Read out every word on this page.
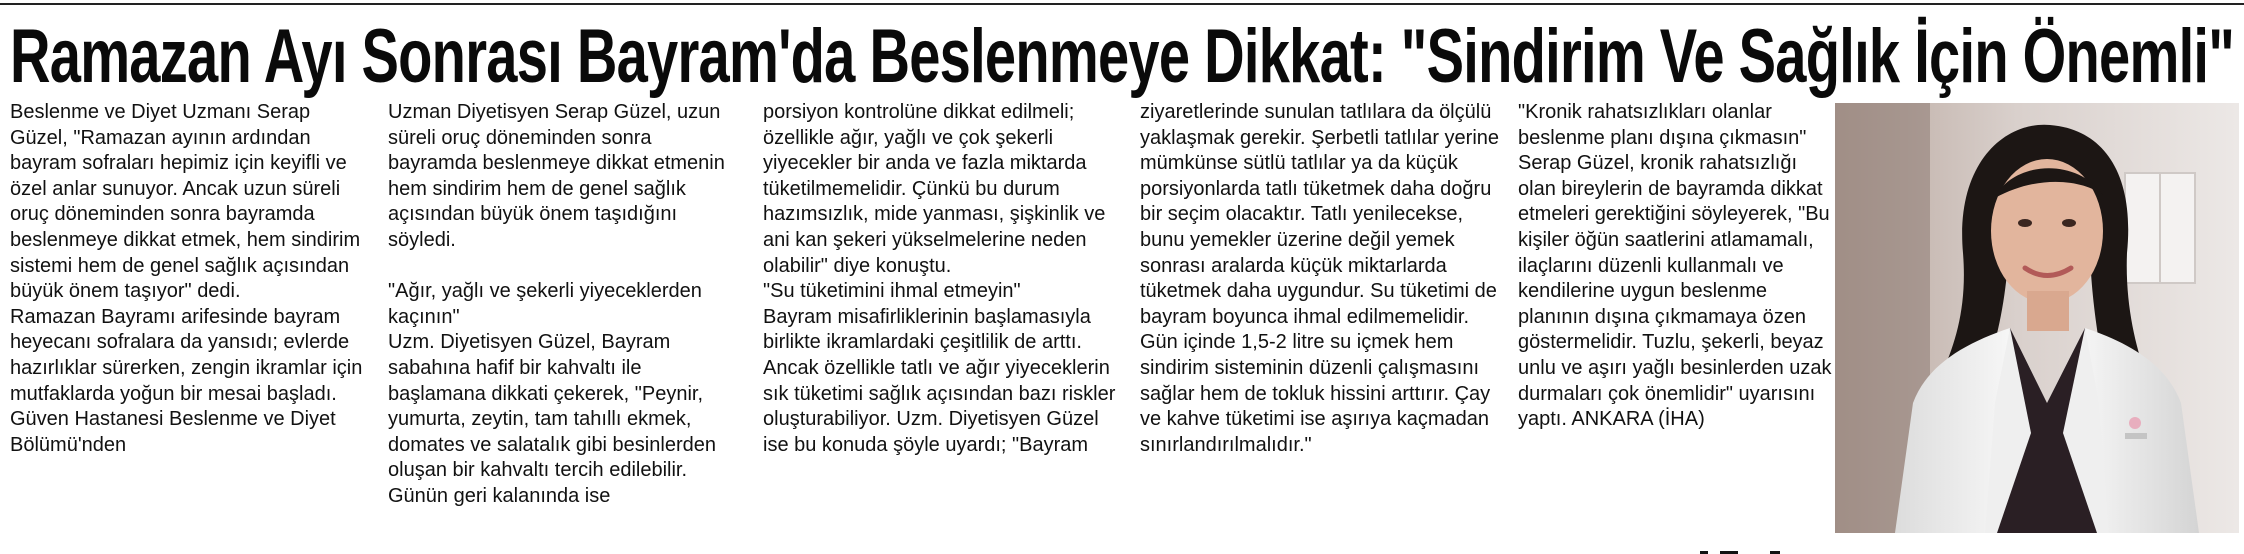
Ramazan Ayı Sonrası Bayram'da Beslenmeye Dikkat: "Sindirim Ve Sağlık İçin Önemli"

Beslenme ve Diyet Uzmanı Serap Güzel, "Ramazan ayının ardından bayram sofraları hepimiz için keyifli ve özel anlar sunuyor. Ancak uzun süreli oruç döneminden sonra bayramda beslenmeye dikkat etmek, hem sindirim sistemi hem de genel sağlık açısından büyük önem taşıyor" dedi.

Ramazan Bayramı arifesinde bayram heyecanı sofralara da yansıdı; evlerde hazırlıklar sürerken, zengin ikramlar için mutfaklarda yoğun bir mesai başladı. Güven Hastanesi Beslenme ve Diyet Bölümü'nden

Uzman Diyetisyen Serap Güzel, uzun süreli oruç döneminden sonra bayramda beslenmeye dikkat etmenin hem sindirim hem de genel sağlık açısından büyük önem taşıdığını söyledi.

"Ağır, yağlı ve şekerli yiyeceklerden kaçının"

Uzm. Diyetisyen Güzel, Bayram sabahına hafif bir kahvaltı ile başlamana dikkati çekerek, "Peynir, yumurta, zeytin, tam tahıllı ekmek, domates ve salatalık gibi besinlerden oluşan bir kahvaltı tercih edilebilir. Günün geri kalanında ise

porsiyon kontrolüne dikkat edilmeli; özellikle ağır, yağlı ve çok şekerli yiyecekler bir anda ve fazla miktarda tüketilmemelidir. Çünkü bu durum hazımsızlık, mide yanması, şişkinlik ve ani kan şekeri yükselmelerine neden olabilir" diye konuştu.

"Su tüketimini ihmal etmeyin"

Bayram misafirliklerinin başlamasıyla birlikte ikramlardaki çeşitlilik de arttı. Ancak özellikle tatlı ve ağır yiyeceklerin sık tüketimi sağlık açısından bazı riskler oluşturabiliyor. Uzm. Diyetisyen Güzel ise bu konuda şöyle uyardı; "Bayram

ziyaretlerinde sunulan tatlılara da ölçülü yaklaşmak gerekir. Şerbetli tatlılar yerine mümkünse sütlü tatlılar ya da küçük porsiyonlarda tatlı tüketmek daha doğru bir seçim olacaktır. Tatlı yenilecekse, bunu yemekler üzerine değil yemek sonrası aralarda küçük miktarlarda tüketmek daha uygundur. Su tüketimi de bayram boyunca ihmal edilmemelidir. Gün içinde 1,5-2 litre su içmek hem sindirim sisteminin düzenli çalışmasını sağlar hem de tokluk hissini arttırır. Çay ve kahve tüketimi ise aşırıya kaçmadan sınırlandırılmalıdır."

"Kronik rahatsızlıkları olanlar beslenme planı dışına çıkmasın"

Serap Güzel, kronik rahatsızlığı olan bireylerin de bayramda dikkat etmeleri gerektiğini söyleyerek, "Bu kişiler öğün saatlerini atlamamalı, ilaçlarını düzenli kullanmalı ve kendilerine uygun beslenme planının dışına çıkmamaya özen göstermelidir. Tuzlu, şekerli, beyaz unlu ve aşırı yağlı besinlerden uzak durmaları çok önemlidir" uyarısını yaptı. ANKARA (İHA)
